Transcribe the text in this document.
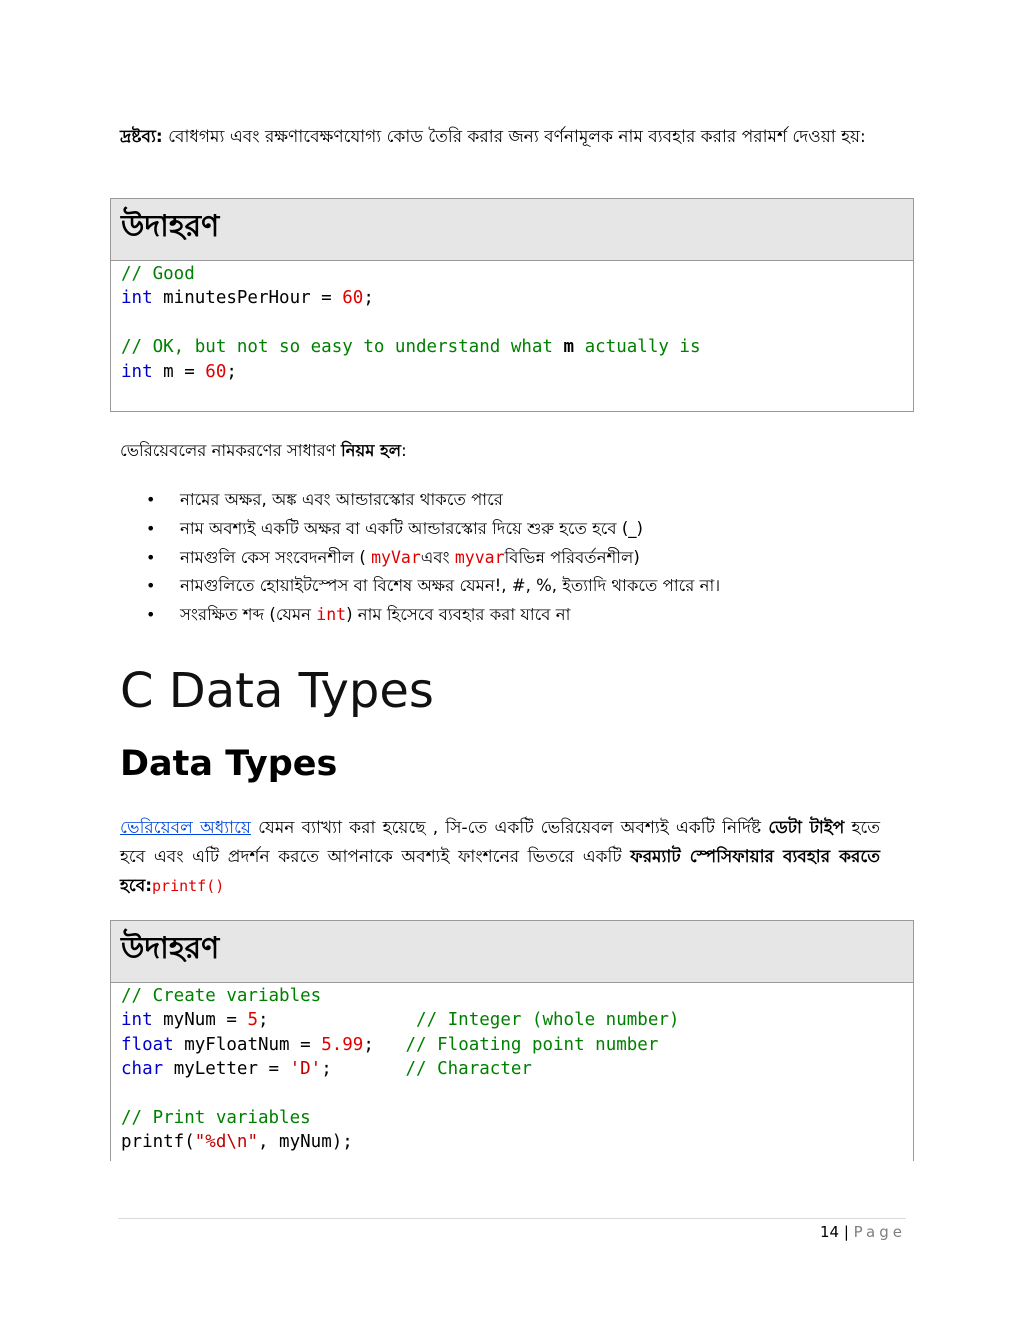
দ্রষ্টব্য: বোধগম্য এবং রক্ষণাবেক্ষণযোগ্য কোড তৈরি করার জন্য বর্ণনামূলক নাম ব্যবহার করার পরামর্শ দেওয়া হয়:
উদাহরণ
// Good
int minutesPerHour = 60;

// OK, but not so easy to understand what m actually is
int m = 60;
ভেরিয়েবলের নামকরণের সাধারণ নিয়ম হল:
• নামের অক্ষর, অঙ্ক এবং আন্ডারস্কোর থাকতে পারে
• নাম অবশ্যই একটি অক্ষর বা একটি আন্ডারস্কোর দিয়ে শুরু হতে হবে (_)
• নামগুলি কেস সংবেদনশীল ( myVarএবং myvarবিভিন্ন পরিবর্তনশীল)
• নামগুলিতে হোয়াইটস্পেস বা বিশেষ অক্ষর যেমন!, #, %, ইত্যাদি থাকতে পারে না।
• সংরক্ষিত শব্দ (যেমন int) নাম হিসেবে ব্যবহার করা যাবে না
C Data Types
Data Types
ভেরিয়েবল অধ্যায়ে যেমন ব্যাখ্যা করা হয়েছে , সি-তে একটি ভেরিয়েবল অবশ্যই একটি নির্দিষ্ট ডেটা টাইপ হতে হবে এবং এটি প্রদর্শন করতে আপনাকে অবশ্যই ফাংশনের ভিতরে একটি ফরম্যাট স্পেসিফায়ার ব্যবহার করতে হবে:printf()
উদাহরণ
// Create variables
int myNum = 5;              // Integer (whole number)
float myFloatNum = 5.99;   // Floating point number
char myLetter = 'D';       // Character

// Print variables
printf("%d\n", myNum);
14 | Page
